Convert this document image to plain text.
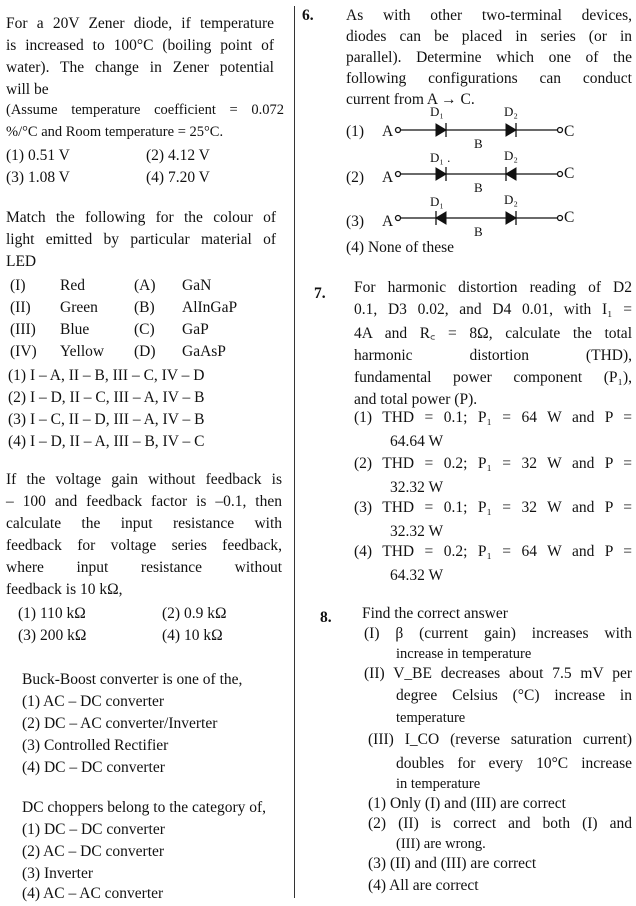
For a 20V Zener diode, if temperature
is increased to 100°C (boiling point of
water). The change in Zener potential
will be
(Assume temperature coefficient = 0.072
%/°C and Room temperature = 25°C.
(1) 0.51 V	(2) 4.12 V
(3) 1.08 V	(4) 7.20 V
Match the following for the colour of
light emitted by particular material of
LED
(I) Red	(A) GaN
(II) Green (B) AlInGaP
(III) Blue	(C) GaP
(IV) Yellow (D) GaAsP
(1) I – A, II – B, III – C, IV – D
(2) I – D, II – C, III – A, IV – B
(3) I – C, II – D, III – A, IV – B
(4) I – D, II – A, III – B, IV – C
If the voltage gain without feedback is
– 100 and feedback factor is –0.1, then
calculate the input resistance with
feedback for voltage series feedback,
where input resistance without
feedback is 10 kΩ,
(1) 110 kΩ	(2) 0.9 kΩ
(3) 200 kΩ	(4) 10 kΩ
Buck-Boost converter is one of the,
(1) AC – DC converter
(2) DC – AC converter/Inverter
(3) Controlled Rectifier
(4) DC – DC converter
DC choppers belong to the category of,
(1) DC – DC converter
(2) AC – DC converter
(3) Inverter
(4) AC – AC converter
6. As with other two-terminal devices,
diodes can be placed in series (or in
parallel). Determine which one of the
following configurations can conduct
current from A → C.
(1)
D₁	D₂
A	C
B
(2)
D₁ .	D₂
A	C
B
(3)
D₁	D₂
A	C
B
(4) None of these
7. For harmonic distortion reading of D2
0.1, D3 0.02, and D4 0.01, with I₁ =
4A and R꜀ = 8Ω, calculate the total
harmonic distortion (THD),
fundamental power component (P₁),
and total power (P).
(1) THD = 0.1; P₁ = 64 W and P =
64.64 W
(2) THD = 0.2; P₁ = 32 W and P =
32.32 W
(3) THD = 0.1; P₁ = 32 W and P =
32.32 W
(4) THD = 0.2; P₁ = 64 W and P =
64.32 W
8. Find the correct answer
(I) β (current gain) increases with
increase in temperature
(II) V_BE decreases about 7.5 mV per
degree Celsius (°C) increase in
temperature
(III) I_CO (reverse saturation current)
doubles for every 10°C increase
in temperature
(1) Only (I) and (III) are correct
(2) (II) is correct and both (I) and
(III) are wrong.
(3) (II) and (III) are correct
(4) All are correct
